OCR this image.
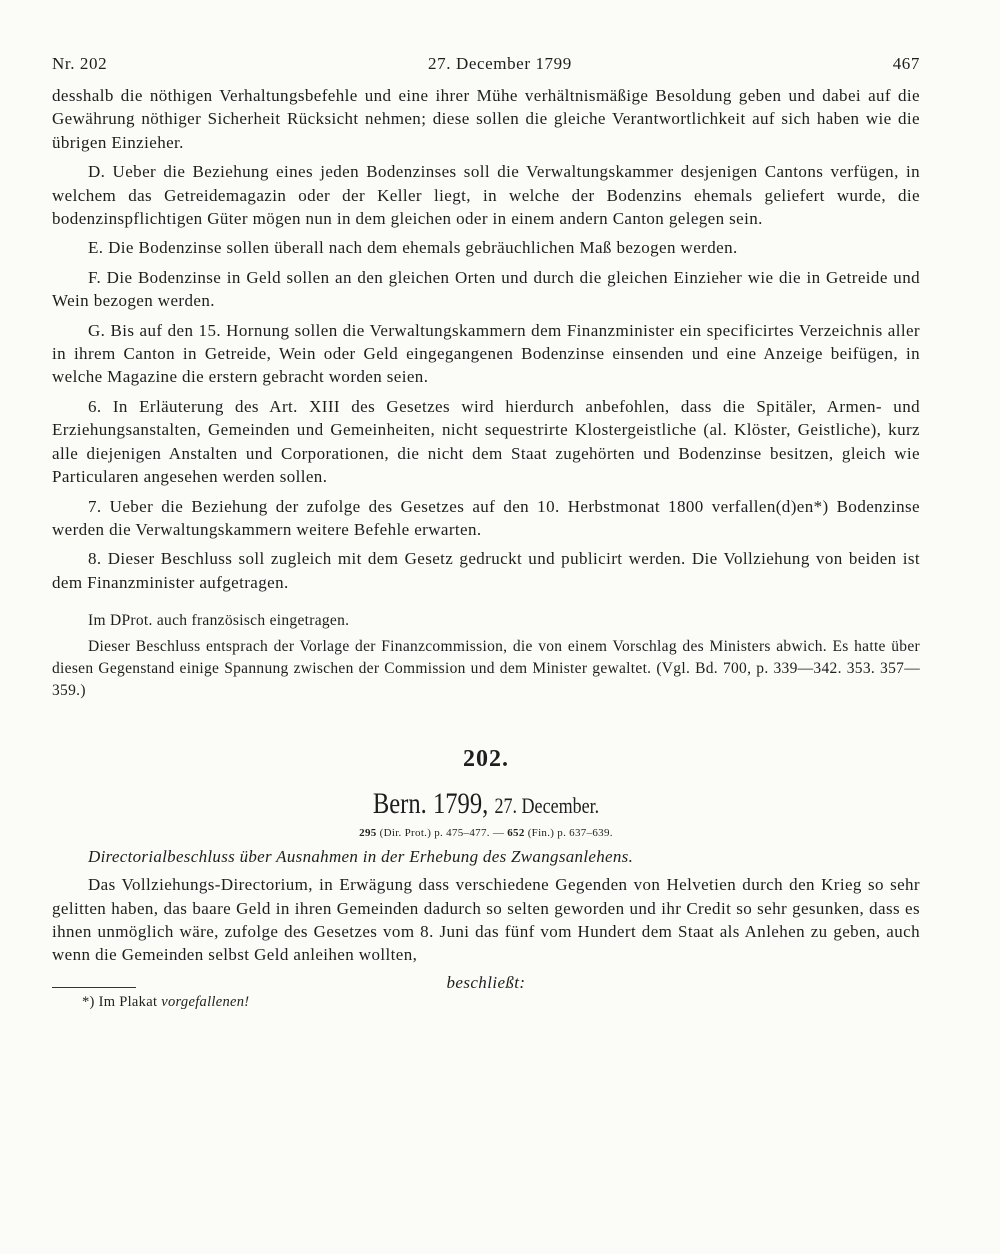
Nr. 202	27. December 1799	467

desshalb die nöthigen Verhaltungsbefehle und eine ihrer Mühe verhältnismäßige Besoldung geben und dabei auf die Gewährung nöthiger Sicherheit Rücksicht nehmen; diese sollen die gleiche Verantwortlichkeit auf sich haben wie die übrigen Einzieher.

D. Ueber die Beziehung eines jeden Bodenzinses soll die Verwaltungskammer desjenigen Cantons verfügen, in welchem das Getreidemagazin oder der Keller liegt, in welche der Bodenzins ehemals geliefert wurde, die bodenzinspflichtigen Güter mögen nun in dem gleichen oder in einem andern Canton gelegen sein.

E. Die Bodenzinse sollen überall nach dem ehemals gebräuchlichen Maß bezogen werden.

F. Die Bodenzinse in Geld sollen an den gleichen Orten und durch die gleichen Einzieher wie die in Getreide und Wein bezogen werden.

G. Bis auf den 15. Hornung sollen die Verwaltungskammern dem Finanzminister ein specificirtes Verzeichnis aller in ihrem Canton in Getreide, Wein oder Geld eingegangenen Bodenzinse einsenden und eine Anzeige beifügen, in welche Magazine die erstern gebracht worden seien.

6. In Erläuterung des Art. XIII des Gesetzes wird hierdurch anbefohlen, dass die Spitäler, Armen- und Erziehungsanstalten, Gemeinden und Gemeinheiten, nicht sequestrirte Klostergeistliche (al. Klöster, Geistliche), kurz alle diejenigen Anstalten und Corporationen, die nicht dem Staat zugehörten und Bodenzinse besitzen, gleich wie Particularen angesehen werden sollen.

7. Ueber die Beziehung der zufolge des Gesetzes auf den 10. Herbstmonat 1800 verfallen(d)en*) Bodenzinse werden die Verwaltungskammern weitere Befehle erwarten.

8. Dieser Beschluss soll zugleich mit dem Gesetz gedruckt und publicirt werden. Die Vollziehung von beiden ist dem Finanzminister aufgetragen.

Im DProt. auch französisch eingetragen.

Dieser Beschluss entsprach der Vorlage der Finanzcommission, die von einem Vorschlag des Ministers abwich. Es hatte über diesen Gegenstand einige Spannung zwischen der Commission und dem Minister gewaltet. (Vgl. Bd. 700, p. 339—342. 353. 357—359.)

202.
Bern. 1799, 27. December.
295 (Dir. Prot.) p. 475–477. — 652 (Fin.) p. 637–639.
Directorialbeschluss über Ausnahmen in der Erhebung des Zwangsanlehens.

Das Vollziehungs-Directorium, in Erwägung dass verschiedene Gegenden von Helvetien durch den Krieg so sehr gelitten haben, das baare Geld in ihren Gemeinden dadurch so selten geworden und ihr Credit so sehr gesunken, dass es ihnen unmöglich wäre, zufolge des Gesetzes vom 8. Juni das fünf vom Hundert dem Staat als Anlehen zu geben, auch wenn die Gemeinden selbst Geld anleihen wollten,

beschließt:
*) Im Plakat vorgefallenen!
